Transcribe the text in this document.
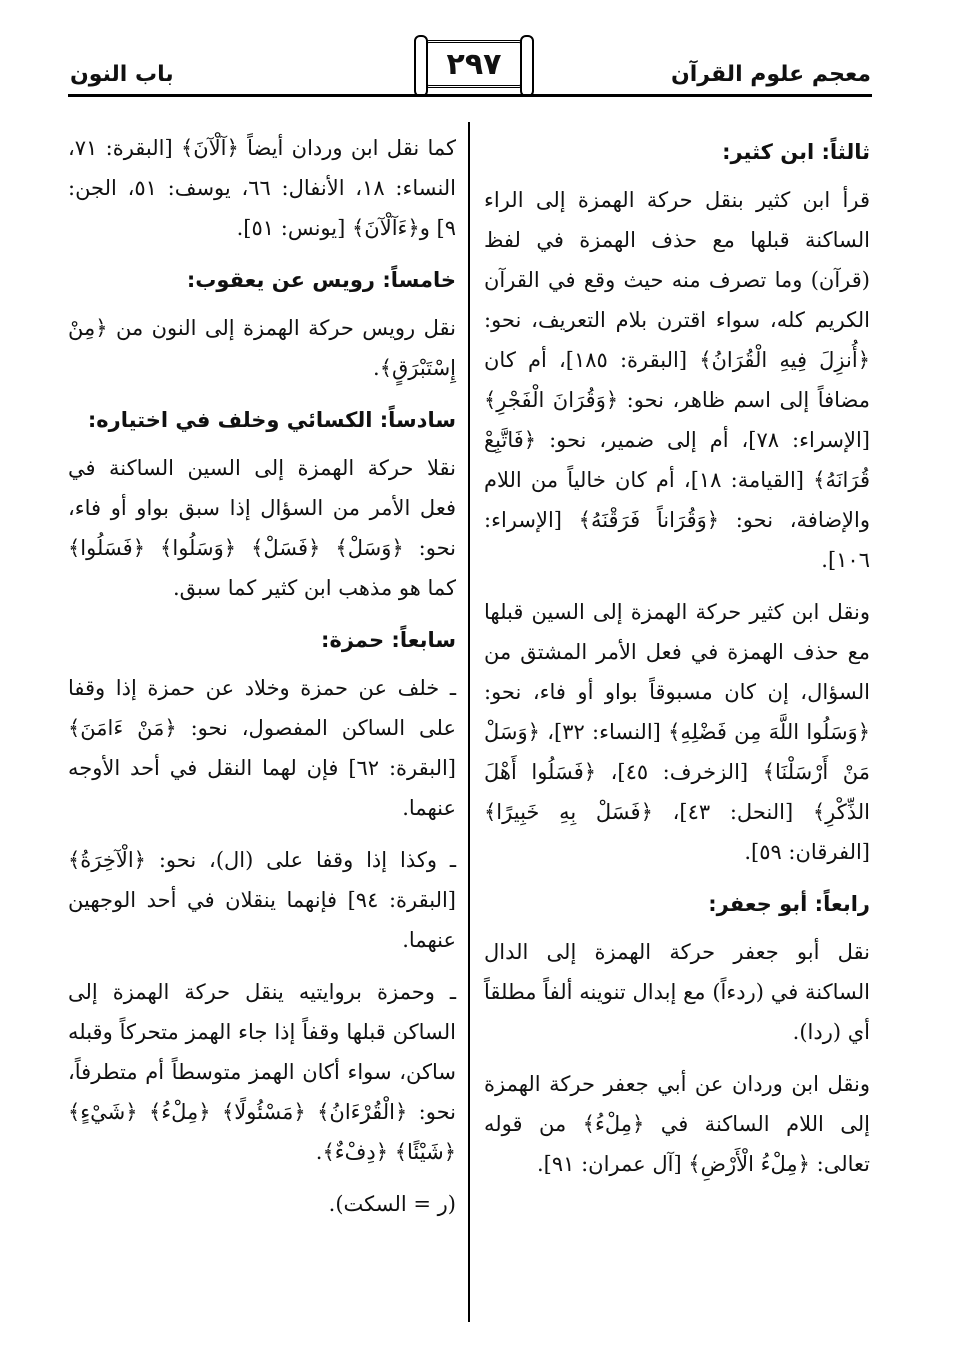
باب النون	٢٩٧	معجم علوم القرآن
ثالثاً: ابن كثير:

قرأ ابن كثير بنقل حركة الهمزة إلى الراء الساكنة قبلها مع حذف الهمزة في لفظ (قرآن) وما تصرف منه حيث وقع في القرآن الكريم كله، سواء اقترن بلام التعريف، نحو: ﴿أُنزِلَ فِيهِ الْقُرَانُ﴾ [البقرة: ١٨٥]، أم كان مضافاً إلى اسم ظاهر، نحو: ﴿وَقُرَانَ الْفَجْرِ﴾ [الإسراء: ٧٨]، أم إلى ضمير، نحو: ﴿فَاتَّبِعْ قُرَانَهُ﴾ [القيامة: ١٨]، أم كان خالياً من اللام والإضافة، نحو: ﴿وَقُرَاناً فَرَقْنَهُ﴾ [الإسراء: ١٠٦].

ونقل ابن كثير حركة الهمزة إلى السين قبلها مع حذف الهمزة في فعل الأمر المشتق من السؤال، إن كان مسبوقاً بواو أو فاء، نحو: ﴿وَسَلُوا اللَّهَ مِن فَضْلِهِ﴾ [النساء: ٣٢]، ﴿وَسَلْ مَنْ أَرْسَلْنَا﴾ [الزخرف: ٤٥]، ﴿فَسَلُوا أَهْلَ الذِّكْرِ﴾ [النحل: ٤٣]، ﴿فَسَلْ بِهِ خَبِيرًا﴾ [الفرقان: ٥٩].

رابعاً: أبو جعفر:

نقل أبو جعفر حركة الهمزة إلى الدال الساكنة في (ردءاً) مع إبدال تنوينه ألفاً مطلقاً أي (ردا).

ونقل ابن وردان عن أبي جعفر حركة الهمزة إلى اللام الساكنة في ﴿مِلْءُ﴾ من قوله تعالى: ﴿مِلْءُ الْأَرْضِ﴾ [آل عمران: ٩١].

كما نقل ابن وردان أيضاً ﴿آلْآنَ﴾ [البقرة: ٧١، النساء: ١٨، الأنفال: ٦٦، يوسف: ٥١، الجن: ٩] و﴿ءَآلْآنَ﴾ [يونس: ٥١].

خامساً: رويس عن يعقوب:

نقل رويس حركة الهمزة إلى النون من ﴿مِنْ إِسْتَبْرَقٍ﴾.

سادساً: الكسائي وخلف في اختياره:

نقلا حركة الهمزة إلى السين الساكنة في فعل الأمر من السؤال إذا سبق بواو أو فاء، نحو: ﴿وَسَلْ﴾ ﴿فَسَلْ﴾ ﴿وَسَلُوا﴾ ﴿فَسَلُوا﴾ كما هو مذهب ابن كثير كما سبق.

سابعاً: حمزة:

ـ خلف عن حمزة وخلاد عن حمزة إذا وقفا على الساكن المفصول، نحو: ﴿مَنْ ءَامَنَ﴾ [البقرة: ٦٢] فإن لهما النقل في أحد الأوجه عنهما.

ـ وكذا إذا وقفا على (ال)، نحو: ﴿الْآخِرَةُ﴾ [البقرة: ٩٤] فإنهما ينقلان في أحد الوجهين عنهما.

ـ وحمزة بروايتيه ينقل حركة الهمزة إلى الساكن قبلها وقفاً إذا جاء الهمز متحركاً وقبله ساكن، سواء أكان الهمز متوسطاً أم متطرفاً، نحو: ﴿الْقُرْءَانُ﴾ ﴿مَسْئُولًا﴾ ﴿مِلْءُ﴾ ﴿شَيْءٍ﴾ ﴿شَيْئًا﴾ ﴿دِفْءٌ﴾.

(ر = السكت).
